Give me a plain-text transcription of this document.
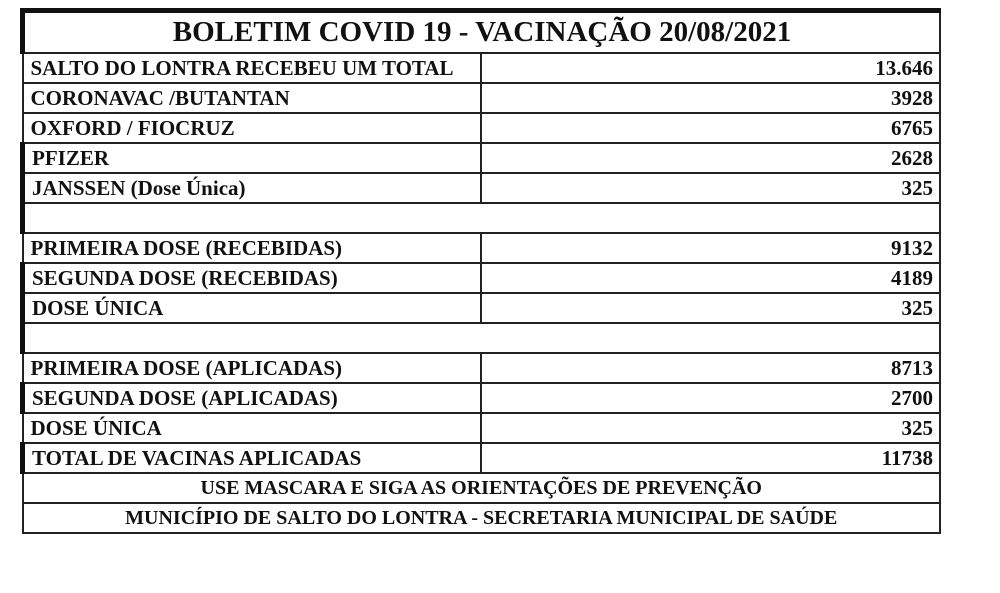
BOLETIM COVID 19 - VACINAÇÃO 20/08/2021	
SALTO DO LONTRA RECEBEU UM TOTAL	13.646
CORONAVAC /BUTANTAN	3928
OXFORD / FIOCRUZ	6765
PFIZER	2628
JANSSEN (Dose Única)	325

PRIMEIRA DOSE (RECEBIDAS)	9132
SEGUNDA DOSE (RECEBIDAS)	4189
DOSE ÚNICA	325

PRIMEIRA DOSE (APLICADAS)	8713
SEGUNDA DOSE (APLICADAS)	2700
DOSE ÚNICA	325
TOTAL DE VACINAS APLICADAS	11738
USE MASCARA E SIGA AS ORIENTAÇÕES DE PREVENÇÃO	
MUNICÍPIO DE SALTO DO LONTRA - SECRETARIA MUNICIPAL DE SAÚDE	
